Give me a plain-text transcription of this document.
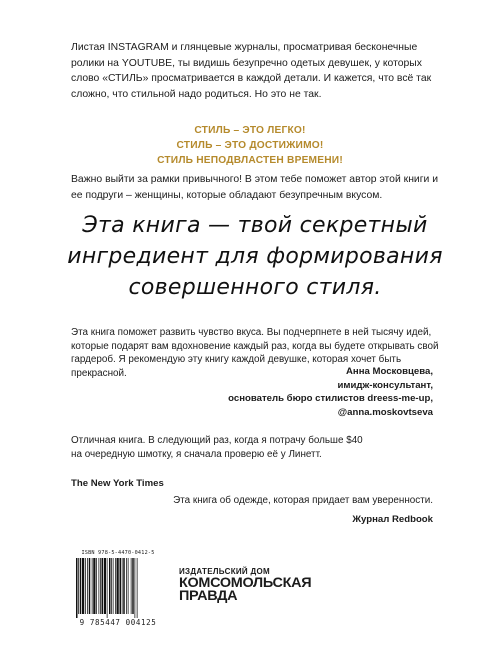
Листая INSTAGRAM и глянцевые журналы, просматривая бесконечные ролики на YOUTUBE, ты видишь безупречно одетых девушек, у которых слово «СТИЛЬ» просматривается в каждой детали. И кажется, что всё так сложно, что стильной надо родиться. Но это не так.

СТИЛЬ – ЭТО ЛЕГКО!
СТИЛЬ – ЭТО ДОСТИЖИМО!
СТИЛЬ НЕПОДВЛАСТЕН ВРЕМЕНИ!

Важно выйти за рамки привычного! В этом тебе поможет автор этой книги и ее подруги – женщины, которые обладают безупречным вкусом.

Эта книга — твой секретный
ингредиент для формирования
совершенного стиля.

Эта книга поможет развить чувство вкуса. Вы подчерпнете в ней тысячу идей, которые подарят вам вдохновение каждый раз, когда вы будете открывать свой гардероб. Я рекомендую эту книгу каждой девушке, которая хочет быть прекрасной.	Анна Московцева,
имидж-консультант,
основатель бюро стилистов dreess-me-up,
@anna.moskovtseva

Отличная книга. В следующий раз, когда я потрачу больше $40 на очередную шмотку, я сначала проверю её у Линетт.

The New York Times
Эта книга об одежде, которая придает вам уверенности.
Журнал Redbook
ISBN 978-5-4470-0412-5
9 785447 004125
ИЗДАТЕЛЬСКИЙ ДОМ
КОМСОМОЛЬСКАЯ
ПРАВДА
